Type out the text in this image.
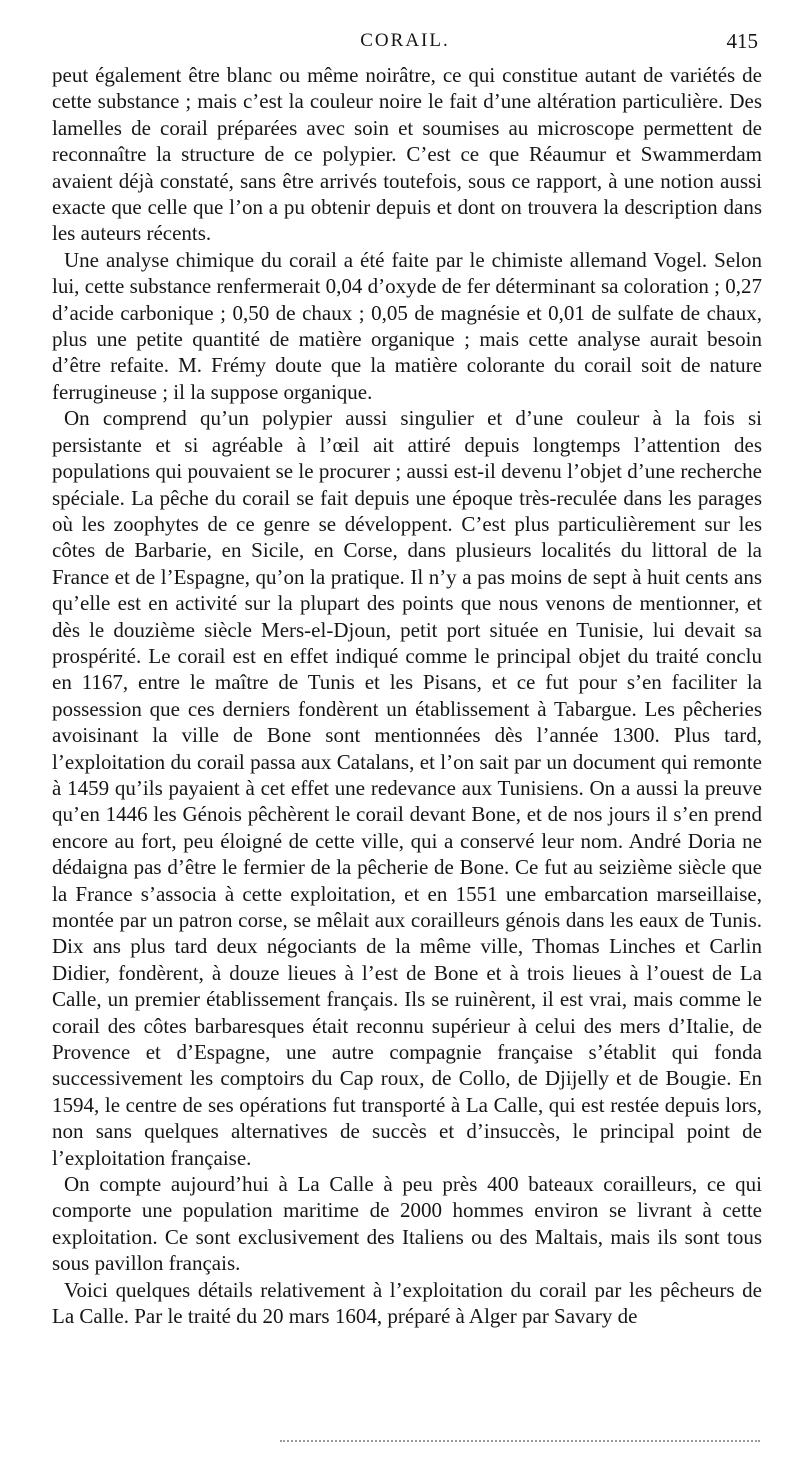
CORAIL.	415

peut également être blanc ou même noirâtre, ce qui constitue autant de variétés de cette substance ; mais c’est la couleur noire le fait d’une altération particulière. Des lamelles de corail préparées avec soin et soumises au microscope permettent de reconnaître la structure de ce polypier. C’est ce que Réaumur et Swammerdam avaient déjà constaté, sans être arrivés toutefois, sous ce rapport, à une notion aussi exacte que celle que l’on a pu obtenir depuis et dont on trouvera la description dans les auteurs récents.

Une analyse chimique du corail a été faite par le chimiste allemand Vogel. Selon lui, cette substance renfermerait 0,04 d’oxyde de fer déterminant sa coloration ; 0,27 d’acide carbonique ; 0,50 de chaux ; 0,05 de magnésie et 0,01 de sulfate de chaux, plus une petite quantité de matière organique ; mais cette analyse aurait besoin d’être refaite. M. Frémy doute que la matière colorante du corail soit de nature ferrugineuse ; il la suppose organique.

On comprend qu’un polypier aussi singulier et d’une couleur à la fois si persistante et si agréable à l’œil ait attiré depuis longtemps l’attention des populations qui pouvaient se le procurer ; aussi est-il devenu l’objet d’une recherche spéciale. La pêche du corail se fait depuis une époque très-reculée dans les parages où les zoophytes de ce genre se développent. C’est plus particulièrement sur les côtes de Barbarie, en Sicile, en Corse, dans plusieurs localités du littoral de la France et de l’Espagne, qu’on la pratique. Il n’y a pas moins de sept à huit cents ans qu’elle est en activité sur la plupart des points que nous venons de mentionner, et dès le douzième siècle Mers-el-Djoun, petit port située en Tunisie, lui devait sa prospérité. Le corail est en effet indiqué comme le principal objet du traité conclu en 1167, entre le maître de Tunis et les Pisans, et ce fut pour s’en faciliter la possession que ces derniers fondèrent un établissement à Tabargue. Les pêcheries avoisinant la ville de Bone sont mentionnées dès l’année 1300. Plus tard, l’exploitation du corail passa aux Catalans, et l’on sait par un document qui remonte à 1459 qu’ils payaient à cet effet une redevance aux Tunisiens. On a aussi la preuve qu’en 1446 les Génois pêchèrent le corail devant Bone, et de nos jours il s’en prend encore au fort, peu éloigné de cette ville, qui a conservé leur nom. André Doria ne dédaigna pas d’être le fermier de la pêcherie de Bone. Ce fut au seizième siècle que la France s’associa à cette exploitation, et en 1551 une embarcation marseillaise, montée par un patron corse, se mêlait aux corailleurs génois dans les eaux de Tunis. Dix ans plus tard deux négociants de la même ville, Thomas Linches et Carlin Didier, fondèrent, à douze lieues à l’est de Bone et à trois lieues à l’ouest de La Calle, un premier établissement français. Ils se ruinèrent, il est vrai, mais comme le corail des côtes barbaresques était reconnu supérieur à celui des mers d’Italie, de Provence et d’Espagne, une autre compagnie française s’établit qui fonda successivement les comptoirs du Cap roux, de Collo, de Djijelly et de Bougie. En 1594, le centre de ses opérations fut transporté à La Calle, qui est restée depuis lors, non sans quelques alternatives de succès et d’insuccès, le principal point de l’exploitation française.

On compte aujourd’hui à La Calle à peu près 400 bateaux corailleurs, ce qui comporte une population maritime de 2000 hommes environ se livrant à cette exploitation. Ce sont exclusivement des Italiens ou des Maltais, mais ils sont tous sous pavillon français.

Voici quelques détails relativement à l’exploitation du corail par les pêcheurs de La Calle. Par le traité du 20 mars 1604, préparé à Alger par Savary de
